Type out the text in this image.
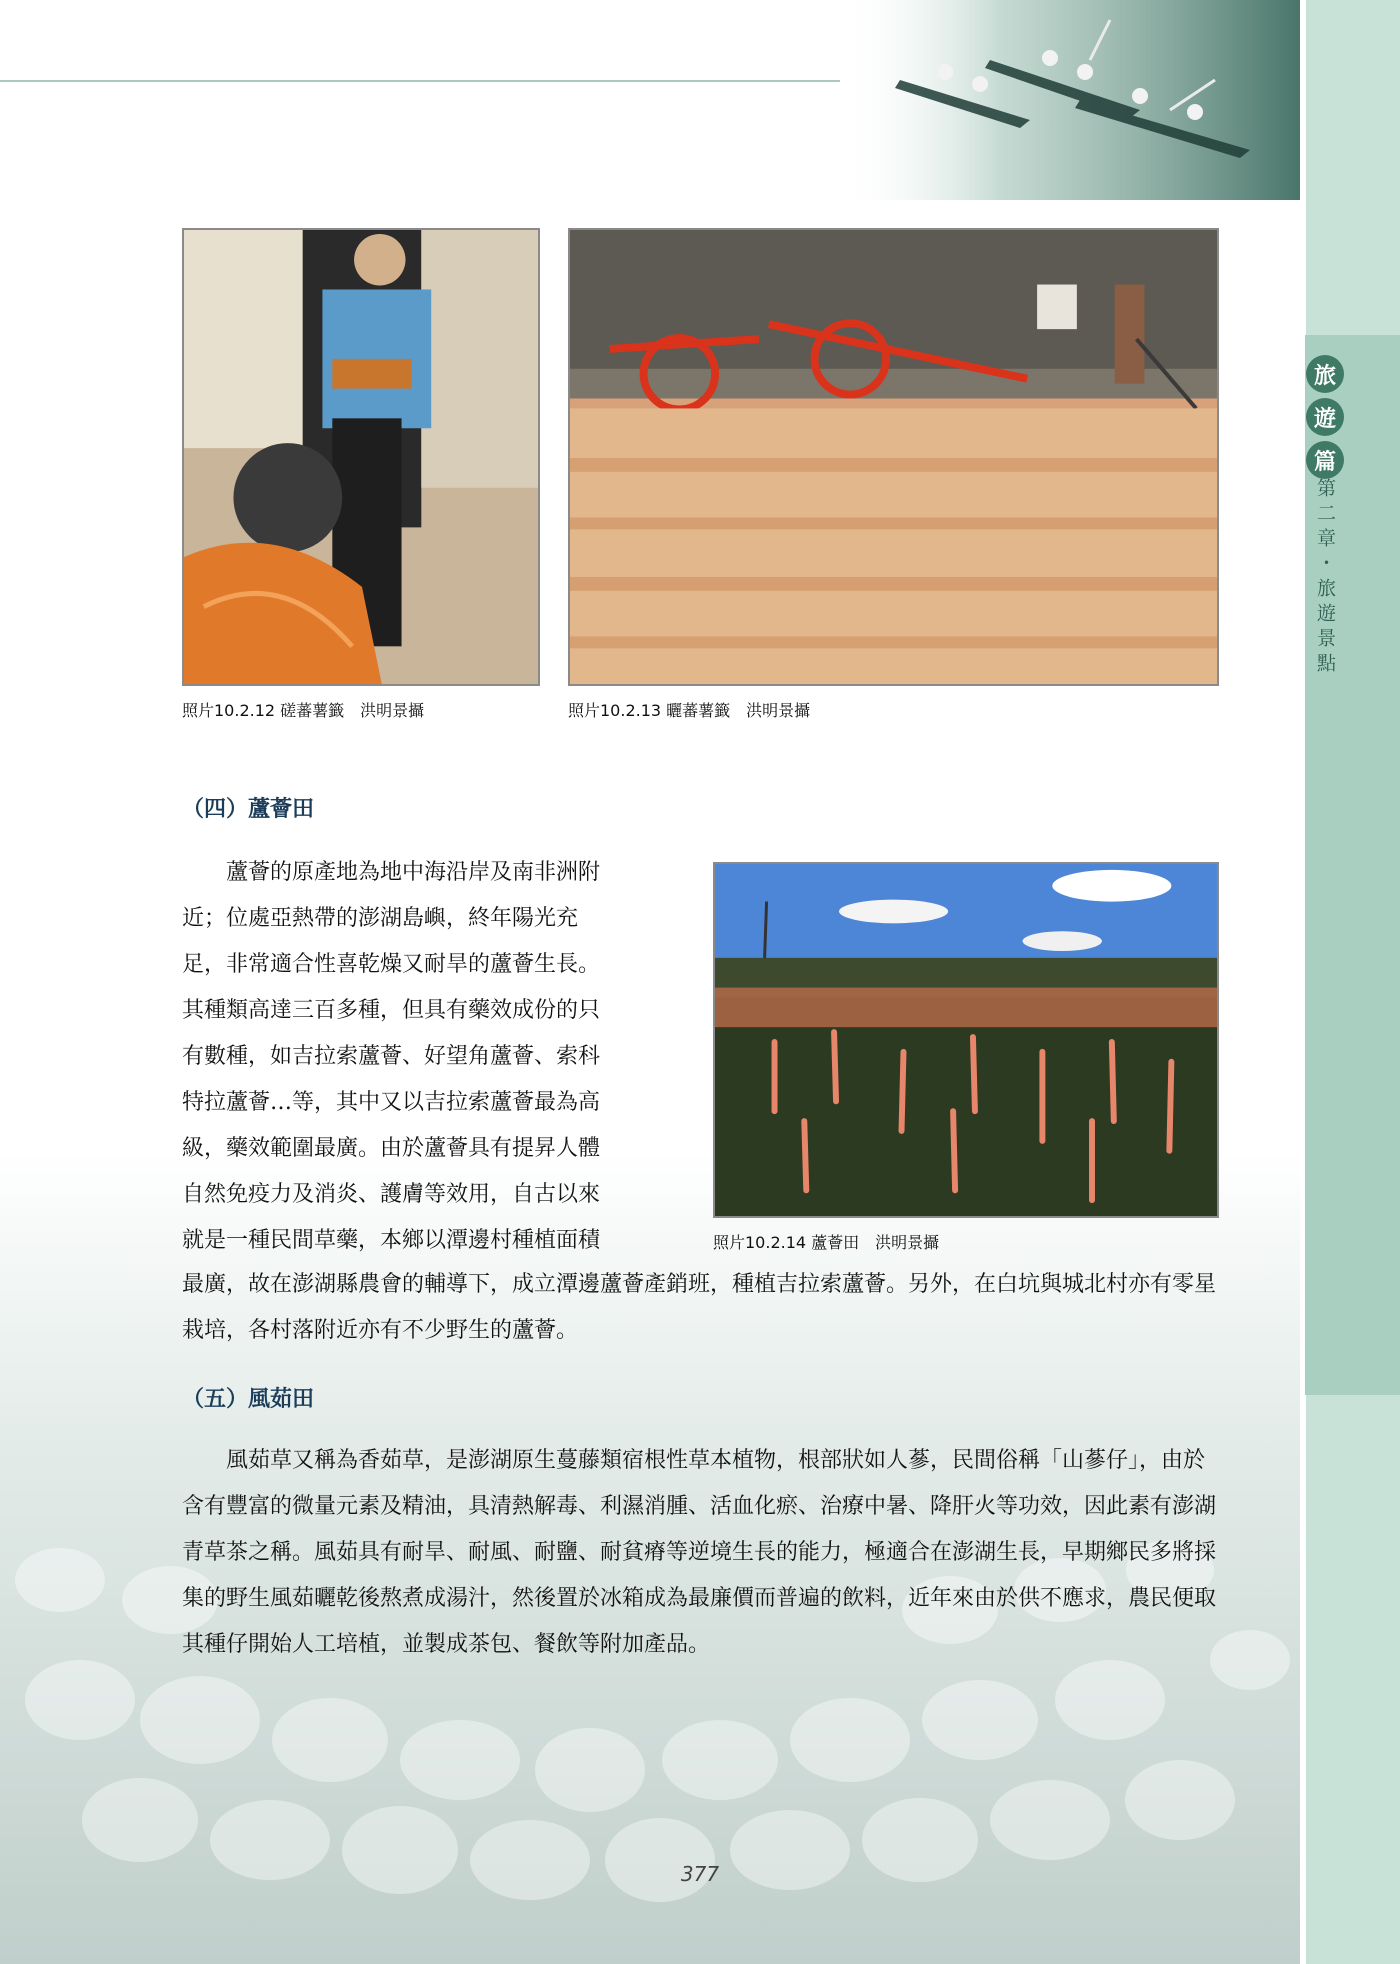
旅
遊
篇
第二章・旅遊景點
照片10.2.12 磋蕃薯籤　洪明景攝	照片10.2.13 曬蕃薯籤　洪明景攝
（四）蘆薈田
　　蘆薈的原產地為地中海沿岸及南非洲附
近；位處亞熱帶的澎湖島嶼，終年陽光充
足，非常適合性喜乾燥又耐旱的蘆薈生長。
其種類高達三百多種，但具有藥效成份的只
有數種，如吉拉索蘆薈、好望角蘆薈、索科
特拉蘆薈…等，其中又以吉拉索蘆薈最為高
級，藥效範圍最廣。由於蘆薈具有提昇人體
自然免疫力及消炎、護膚等效用，自古以來
就是一種民間草藥，本鄉以潭邊村種植面積	照片10.2.14 蘆薈田　洪明景攝

最廣，故在澎湖縣農會的輔導下，成立潭邊蘆薈產銷班，種植吉拉索蘆薈。另外，在白坑與城北村亦有零星栽培，各村落附近亦有不少野生的蘆薈。

（五）風茹田

　　風茹草又稱為香茹草，是澎湖原生蔓藤類宿根性草本植物，根部狀如人蔘，民間俗稱「山蔘仔」，由於含有豐富的微量元素及精油，具清熱解毒、利濕消腫、活血化瘀、治療中暑、降肝火等功效，因此素有澎湖青草茶之稱。風茹具有耐旱、耐風、耐鹽、耐貧瘠等逆境生長的能力，極適合在澎湖生長，早期鄉民多將採集的野生風茹曬乾後熬煮成湯汁，然後置於冰箱成為最廉價而普遍的飲料，近年來由於供不應求，農民便取其種仔開始人工培植，並製成茶包、餐飲等附加產品。

377
